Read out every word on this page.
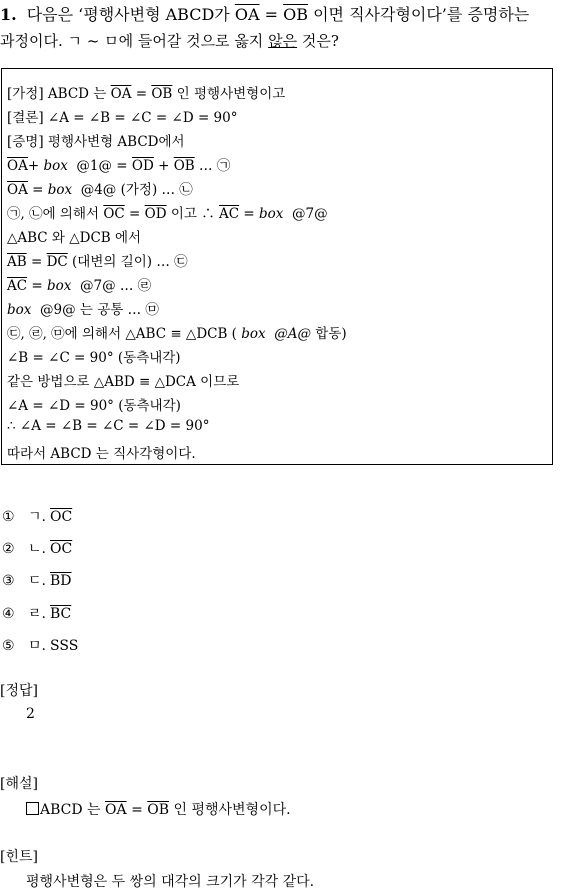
1. 다음은 ‘평행사변형 ABCD가 $\overline{OA} = \overline{OB}$ 이면 직사각형이다’를 증명하는
과정이다. ㄱ ~ ㅁ에 들어갈 것으로 옳지 않은 것은?
[가정] ABCD 는 $\overline{OA} = \overline{OB}$ 인 평행사변형이고
[결론] ∠A = ∠B = ∠C = ∠D = 90°
[증명] 평행사변형 ABCD에서
$\overline{OA}+$ box @1@ = $\overline{OD} + \overline{OB}$ … ㉠
$\overline{OA}$ = box @4@ (가정) … ㉡
㉠, ㉡에 의해서 $\overline{OC} = \overline{OD}$ 이고 ∴ $\overline{AC}$ = box @7@
△ABC 와 △DCB 에서
$\overline{AB} = \overline{DC}$ (대변의 길이) … ㉢
$\overline{AC}$ = box @7@ … ㉣
box @9@ 는 공통 … ㉤
㉢, ㉣, ㉤에 의해서 △ABC ≡ △DCB ( box @A@ 합동)
∠B = ∠C = 90° (동측내각)
같은 방법으로 △ABD ≡ △DCA 이므로
∠A = ∠D = 90° (동측내각)
∴ ∠A = ∠B = ∠C = ∠D = 90°
따라서 ABCD 는 직사각형이다.
① ㄱ. $\overline{OC}$
② ㄴ. $\overline{OC}$
③ ㄷ. $\overline{BD}$
④ ㄹ. $\overline{BC}$
⑤ ㅁ. SSS
[정답]
2
[해설]
ABCD 는 $\overline{OA} = \overline{OB}$ 인 평행사변형이다.
[힌트]
평행사변형은 두 쌍의 대각의 크기가 각각 같다.
